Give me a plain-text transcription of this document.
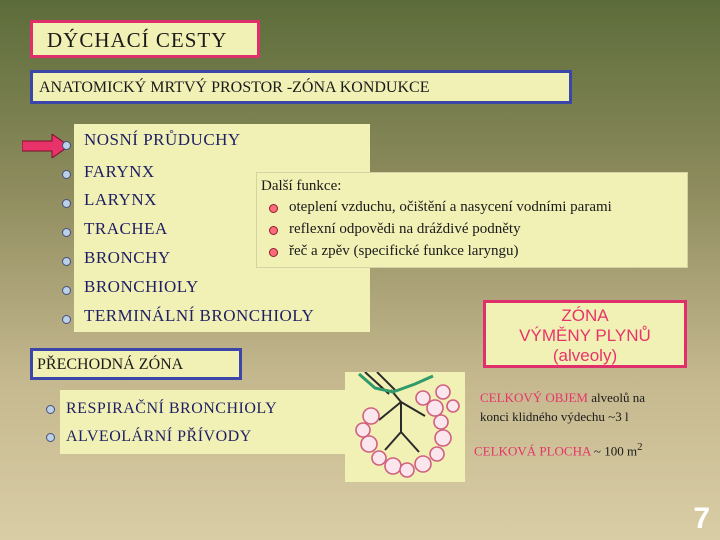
DÝCHACÍ CESTY
ANATOMICKÝ MRTVÝ PROSTOR -ZÓNA KONDUKCE
NOSNÍ PRŮDUCHY
FARYNX
LARYNX
TRACHEA
BRONCHY
BRONCHIOLY
TERMINÁLNÍ BRONCHIOLY
Další funkce:
oteplení vzduchu, očištění a nasycení vodními parami
reflexní odpovědi na dráždivé podněty
řeč a zpěv (specifické funkce laryngu)
ZÓNA
VÝMĚNY PLYNŮ
(alveoly)
PŘECHODNÁ ZÓNA
RESPIRAČNÍ BRONCHIOLY
ALVEOLÁRNÍ PŘÍVODY
CELKOVÝ OBJEM alveolů na
konci klidného výdechu ~3 l
CELKOVÁ PLOCHA ~ 100 $m^2$
7
